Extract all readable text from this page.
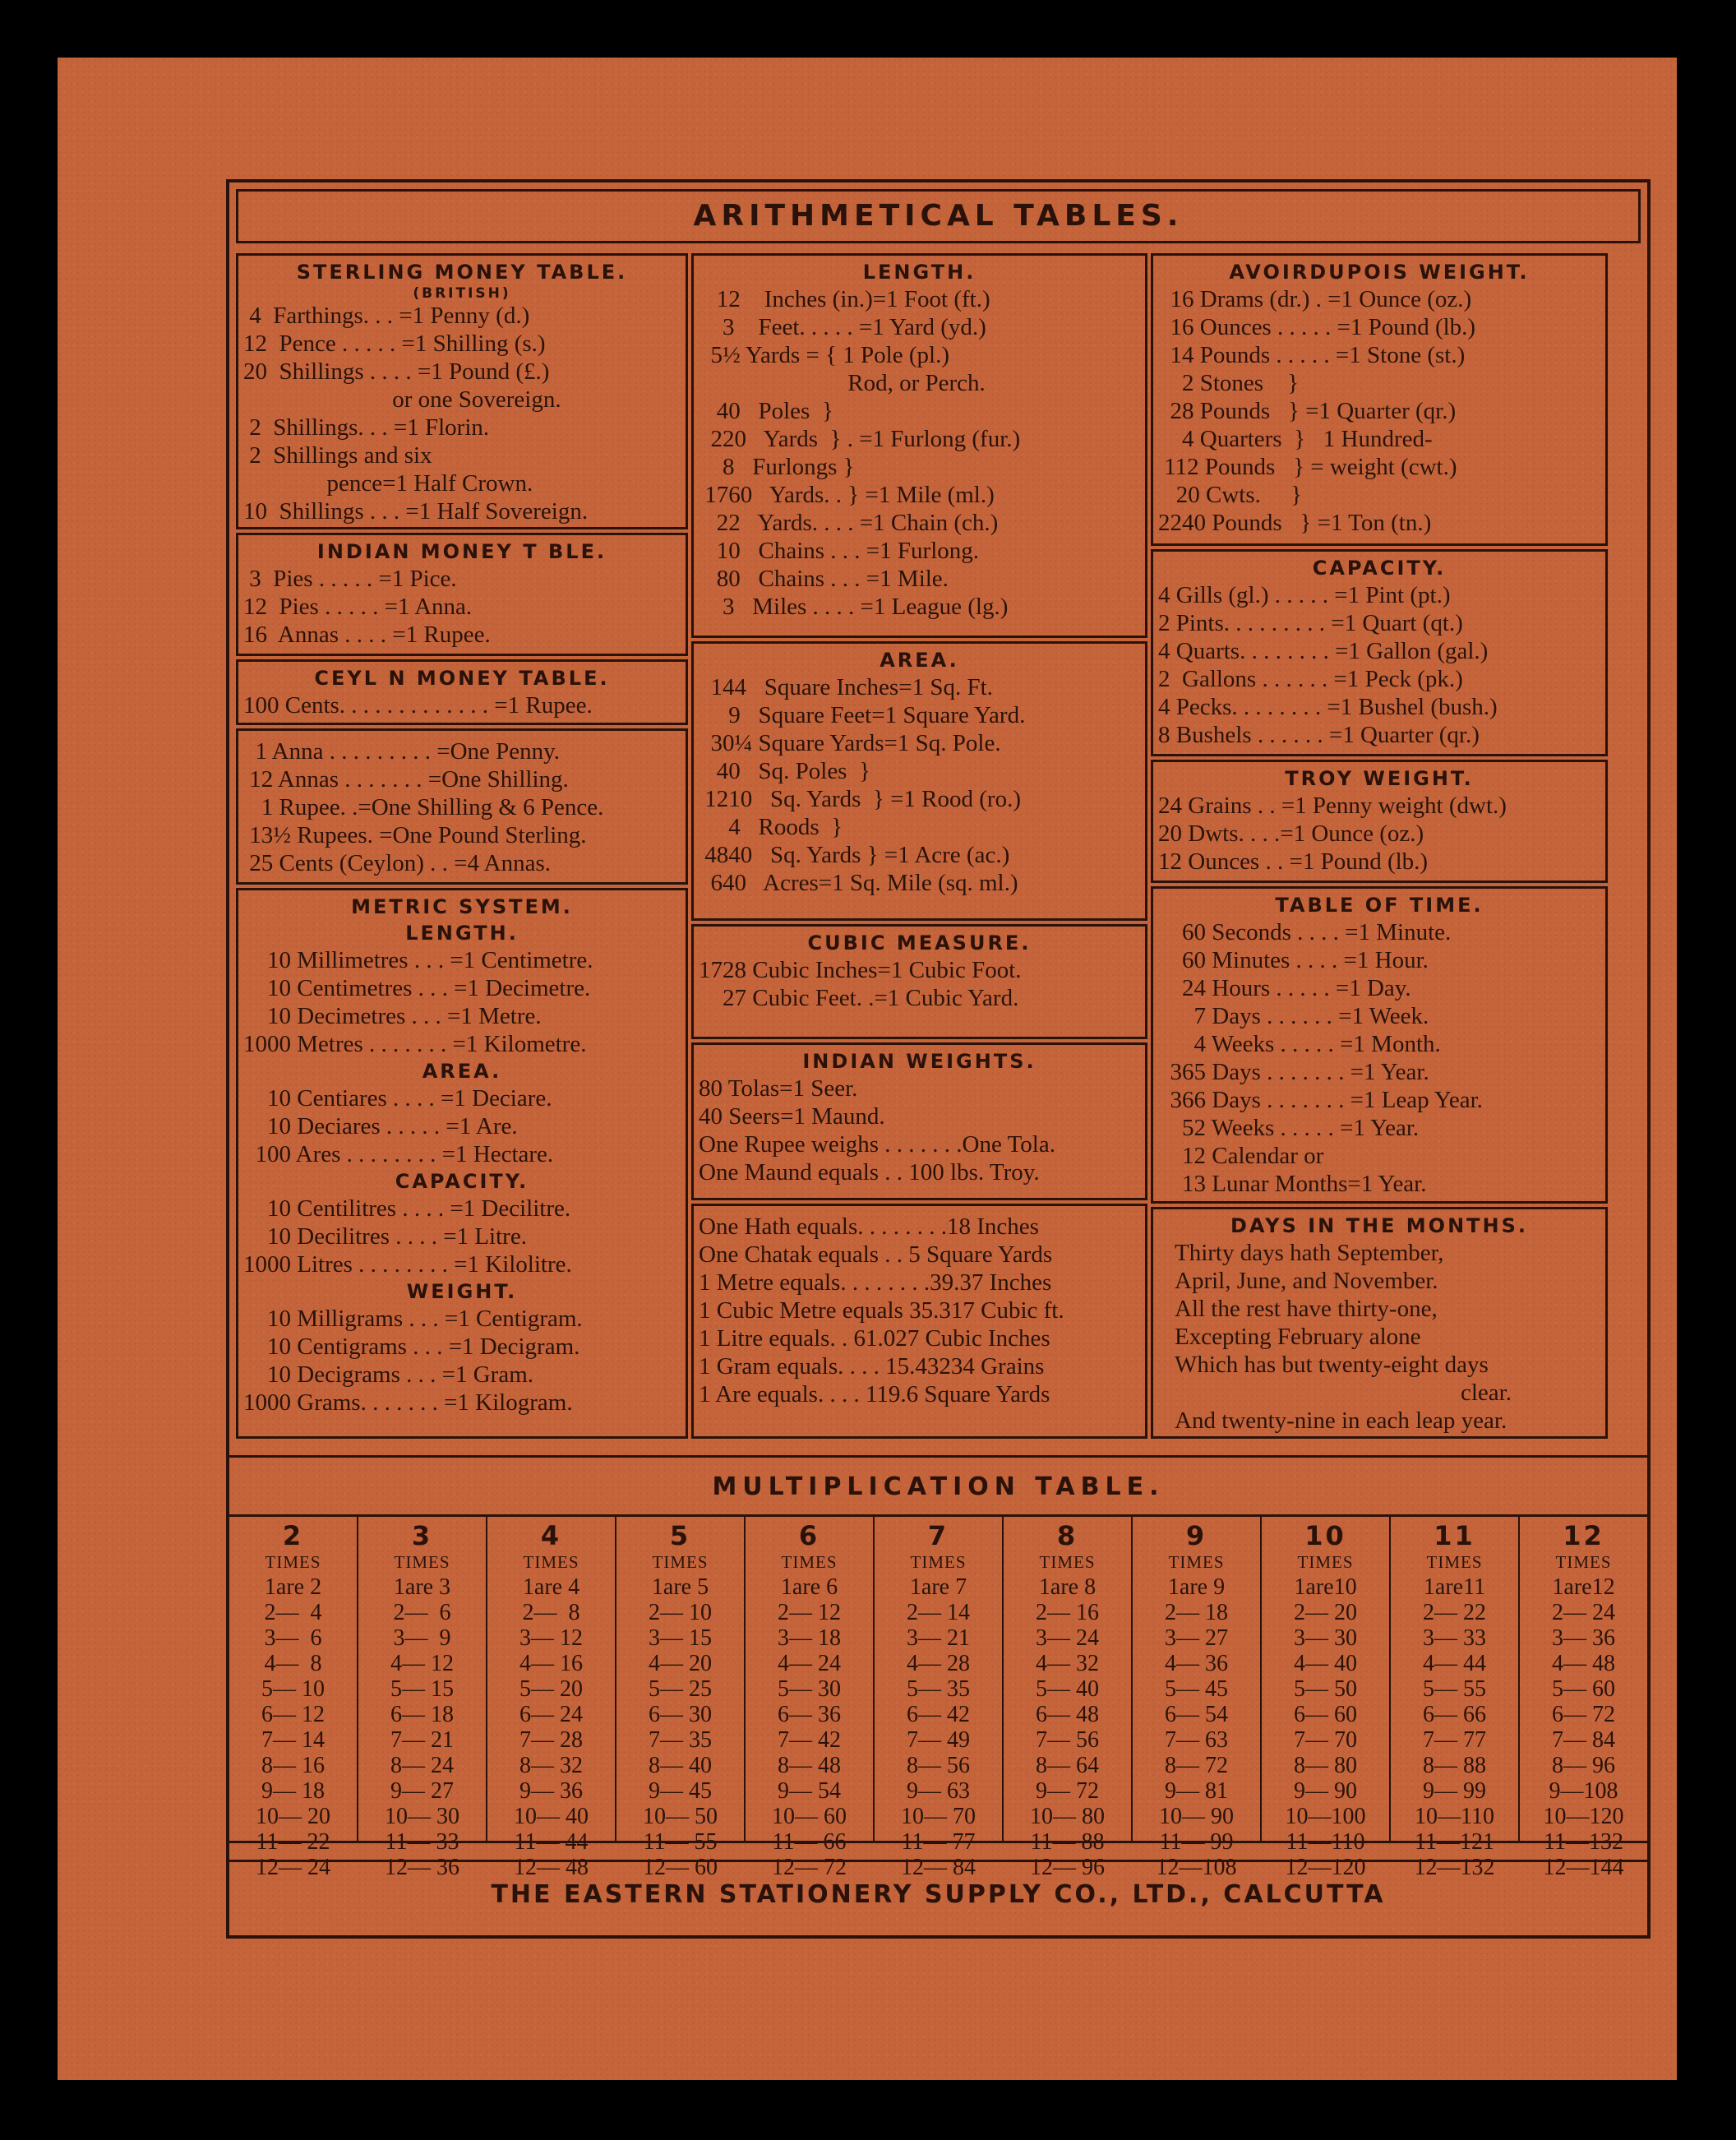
ARITHMETICAL TABLES.
STERLING MONEY TABLE.
(BRITISH)
4  Farthings. . . =1 Penny (d.)
12  Pence . . . . . =1 Shilling (s.)
20  Shillings . . . . =1 Pound (£.)
or one Sovereign.
2  Shillings. . . =1 Florin.
2  Shillings and six
pence=1 Half Crown.
10  Shillings . . . =1 Half Sovereign.
INDIAN MONEY T BLE.
3  Pies . . . . . =1 Pice.
12  Pies . . . . . =1 Anna.
16  Annas . . . . =1 Rupee.
CEYL N MONEY TABLE.
100 Cents. . . . . . . . . . . . . =1 Rupee.
1 Anna . . . . . . . . . =One Penny.
12 Annas . . . . . . . =One Shilling.
1 Rupee. .=One Shilling & 6 Pence.
13½ Rupees. =One Pound Sterling.
25 Cents (Ceylon) . . =4 Annas.
METRIC SYSTEM.
LENGTH.
10 Millimetres . . . =1 Centimetre.
10 Centimetres . . . =1 Decimetre.
10 Decimetres . . . =1 Metre.
1000 Metres . . . . . . . =1 Kilometre.
AREA.
10 Centiares . . . . =1 Deciare.
10 Deciares . . . . . =1 Are.
100 Ares . . . . . . . . =1 Hectare.
CAPACITY.
10 Centilitres . . . . =1 Decilitre.
10 Decilitres . . . . =1 Litre.
1000 Litres . . . . . . . . =1 Kilolitre.
WEIGHT.
10 Milligrams . . . =1 Centigram.
10 Centigrams . . . =1 Decigram.
10 Decigrams . . . =1 Gram.
1000 Grams. . . . . . . =1 Kilogram.
LENGTH.
12    Inches (in.)=1 Foot (ft.)
3    Feet. . . . . =1 Yard (yd.)
5½ Yards = { 1 Pole (pl.)
Rod, or Perch.
40   Poles  }
220   Yards  } . =1 Furlong (fur.)
8   Furlongs }
1760   Yards. . } =1 Mile (ml.)
22   Yards. . . . =1 Chain (ch.)
10   Chains . . . =1 Furlong.
80   Chains . . . =1 Mile.
3   Miles . . . . =1 League (lg.)
AREA.
144   Square Inches=1 Sq. Ft.
9   Square Feet=1 Square Yard.
30¼ Square Yards=1 Sq. Pole.
40   Sq. Poles  }
1210   Sq. Yards  } =1 Rood (ro.)
4   Roods  }
4840   Sq. Yards } =1 Acre (ac.)
640   Acres=1 Sq. Mile (sq. ml.)
CUBIC MEASURE.
1728 Cubic Inches=1 Cubic Foot.
27 Cubic Feet. .=1 Cubic Yard.
INDIAN WEIGHTS.
80 Tolas=1 Seer.
40 Seers=1 Maund.
One Rupee weighs . . . . . . .One Tola.
One Maund equals . . 100 lbs. Troy.
One Hath equals. . . . . . . .18 Inches
One Chatak equals . . 5 Square Yards
1 Metre equals. . . . . . . .39.37 Inches
1 Cubic Metre equals 35.317 Cubic ft.
1 Litre equals. . 61.027 Cubic Inches
1 Gram equals. . . . 15.43234 Grains
1 Are equals. . . . 119.6 Square Yards
AVOIRDUPOIS WEIGHT.
16 Drams (dr.) . =1 Ounce (oz.)
16 Ounces . . . . . =1 Pound (lb.)
14 Pounds . . . . . =1 Stone (st.)
2 Stones    }
28 Pounds   } =1 Quarter (qr.)
4 Quarters  }   1 Hundred-
112 Pounds   } = weight (cwt.)
20 Cwts.     }
2240 Pounds   } =1 Ton (tn.)
CAPACITY.
4 Gills (gl.) . . . . . =1 Pint (pt.)
2 Pints. . . . . . . . . =1 Quart (qt.)
4 Quarts. . . . . . . . =1 Gallon (gal.)
2  Gallons . . . . . . =1 Peck (pk.)
4 Pecks. . . . . . . . =1 Bushel (bush.)
8 Bushels . . . . . . =1 Quarter (qr.)
TROY WEIGHT.
24 Grains . . =1 Penny weight (dwt.)
20 Dwts. . . .=1 Ounce (oz.)
12 Ounces . . =1 Pound (lb.)
TABLE OF TIME.
60 Seconds . . . . =1 Minute.
60 Minutes . . . . =1 Hour.
24 Hours . . . . . =1 Day.
7 Days . . . . . . =1 Week.
4 Weeks . . . . . =1 Month.
365 Days . . . . . . . =1 Year.
366 Days . . . . . . . =1 Leap Year.
52 Weeks . . . . . =1 Year.
12 Calendar or
13 Lunar Months=1 Year.
DAYS IN THE MONTHS.
Thirty days hath September,
April, June, and November.
All the rest have thirty-one,
Excepting February alone
Which has but twenty-eight days
clear.
And twenty-nine in each leap year.
MULTIPLICATION TABLE.
2
TIMES
1are 2
2—  4
3—  6
4—  8
5— 10
6— 12
7— 14
8— 16
9— 18
10— 20
11— 22
12— 24
3
TIMES
1are 3
2—  6
3—  9
4— 12
5— 15
6— 18
7— 21
8— 24
9— 27
10— 30
11— 33
12— 36
4
TIMES
1are 4
2—  8
3— 12
4— 16
5— 20
6— 24
7— 28
8— 32
9— 36
10— 40
11— 44
12— 48
5
TIMES
1are 5
2— 10
3— 15
4— 20
5— 25
6— 30
7— 35
8— 40
9— 45
10— 50
11— 55
12— 60
6
TIMES
1are 6
2— 12
3— 18
4— 24
5— 30
6— 36
7— 42
8— 48
9— 54
10— 60
11— 66
12— 72
7
TIMES
1are 7
2— 14
3— 21
4— 28
5— 35
6— 42
7— 49
8— 56
9— 63
10— 70
11— 77
12— 84
8
TIMES
1are 8
2— 16
3— 24
4— 32
5— 40
6— 48
7— 56
8— 64
9— 72
10— 80
11— 88
12— 96
9
TIMES
1are 9
2— 18
3— 27
4— 36
5— 45
6— 54
7— 63
8— 72
9— 81
10— 90
11— 99
12—108
10
TIMES
1are10
2— 20
3— 30
4— 40
5— 50
6— 60
7— 70
8— 80
9— 90
10—100
11—110
12—120
11
TIMES
1are11
2— 22
3— 33
4— 44
5— 55
6— 66
7— 77
8— 88
9— 99
10—110
11—121
12—132
12
TIMES
1are12
2— 24
3— 36
4— 48
5— 60
6— 72
7— 84
8— 96
9—108
10—120
11—132
12—144
THE EASTERN STATIONERY SUPPLY CO., LTD., CALCUTTA
